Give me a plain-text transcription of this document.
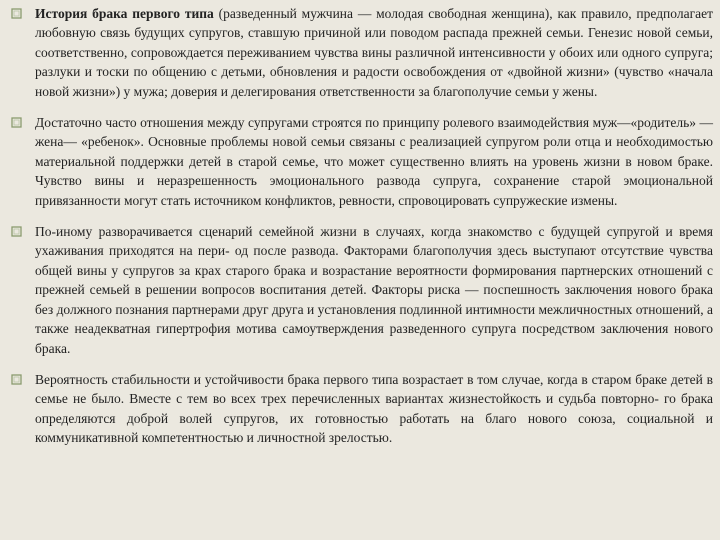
История брака первого типа (разведенный мужчина — молодая свободная женщина), как правило, предполагает любовную связь будущих супругов, ставшую причиной или поводом распада прежней семьи. Генезис новой семьи, соответственно, сопровождается переживанием чувства вины различной интенсивности у обоих или одного супруга; разлуки и тоски по общению с детьми, обновления и радости освобождения от «двойной жизни» (чувство «начала новой жизни») у мужа; доверия и делегирования ответственности за благополучие семьи у жены.
Достаточно часто отношения между супругами строятся по принципу ролевого взаимодействия муж—«родитель» — жена— «ребенок». Основные проблемы новой семьи связаны с реализацией супругом роли отца и необходимостью материальной поддержки детей в старой семье, что может существенно влиять на уровень жизни в новом браке. Чувство вины и неразрешенность эмоционального развода супруга, сохранение старой эмоциональной привязанности могут стать источником конфликтов, ревности, спровоцировать супружеские измены.
По-иному разворачивается сценарий семейной жизни в случаях, когда знакомство с будущей супругой и время ухаживания приходятся на пери- од после развода. Факторами благополучия здесь выступают отсутствие чувства общей вины у супругов за крах старого брака и возрастание вероятности формирования партнерских отношений с прежней семьей в решении вопросов воспитания детей. Факторы риска — поспешность заключения нового брака без должного познания партнерами друг друга и установления подлинной интимности межличностных отношений, а также неадекватная гипертрофия мотива самоутверждения разведенного супруга посредством заключения нового брака.
Вероятность стабильности и устойчивости брака первого типа возрастает в том случае, когда в старом браке детей в семье не было. Вместе с тем во всех трех перечисленных вариантах жизнестойкость и судьба повторно- го брака определяются доброй волей супругов, их готовностью работать на благо нового союза, социальной и коммуникативной компетентностью и личностной зрелостью.
